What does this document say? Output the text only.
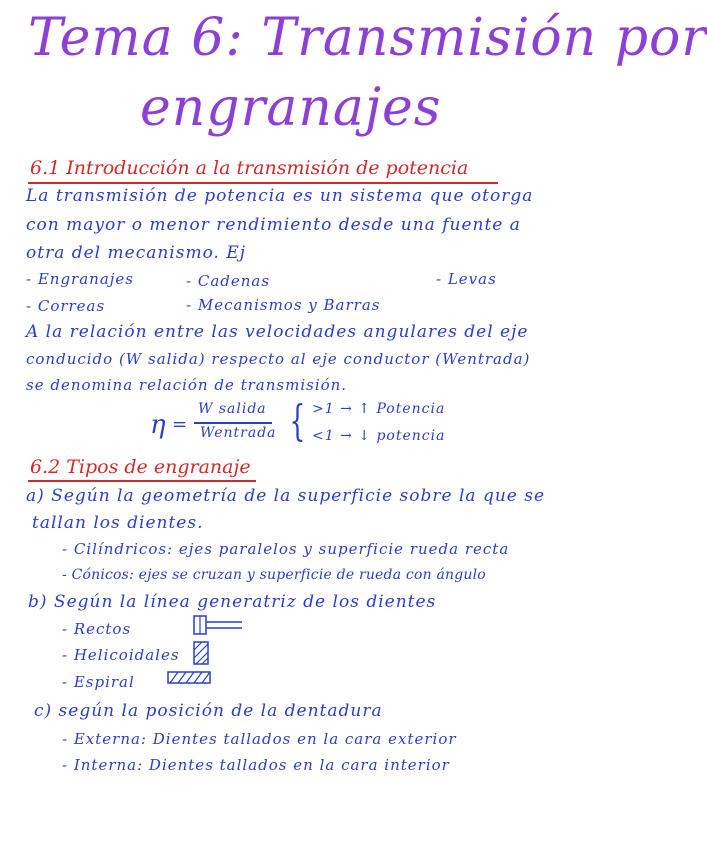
Tema 6: Transmisión por
engranajes
6.1 Introducción a la transmisión de potencia
La transmisión de potencia es un sistema que otorga
con mayor o menor rendimiento desde una fuente a
otra del mecanismo. Ej
- Engranajes	- Cadenas	- Levas
- Correas	- Mecanismos y Barras
A la relación entre las velocidades angulares del eje
conducido (W salida) respecto al eje conductor (Wentrada)
se denomina relación de transmisión.
η =
W salida
Wentrada { >1 → ↑ Potencia
<1 → ↓ potencia
6.2 Tipos de engranaje
a) Según la geometría de la superficie sobre la que se
tallan los dientes.
- Cilíndricos: ejes paralelos y superficie rueda recta
- Cónicos: ejes se cruzan y superficie de rueda con ángulo
b) Según la línea generatriz de los dientes
- Rectos
- Helicoidales
- Espiral
c) según la posición de la dentadura
- Externa: Dientes tallados en la cara exterior
- Interna: Dientes tallados en la cara interior
